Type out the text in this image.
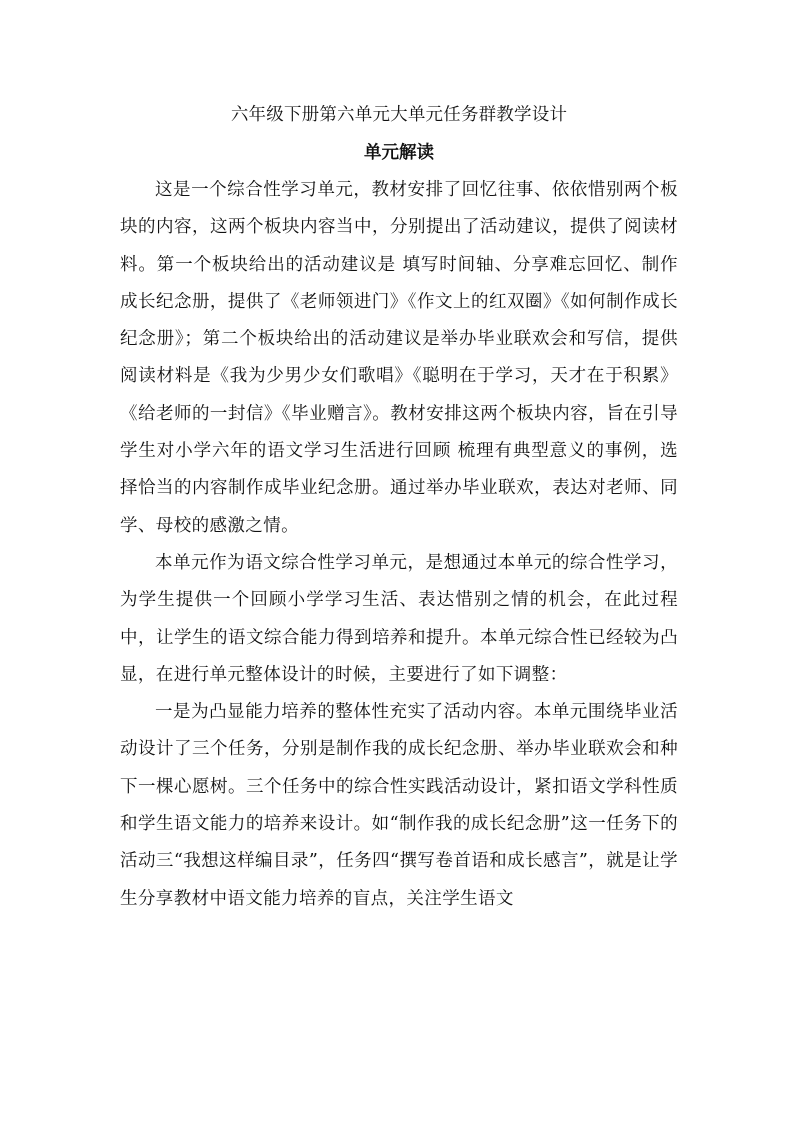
六年级下册第六单元大单元任务群教学设计
单元解读

这是一个综合性学习单元，教材安排了回忆往事、依依惜别两个板块的内容，这两个板块内容当中，分别提出了活动建议，提供了阅读材料。第一个板块给出的活动建议是 填写时间轴、分享难忘回忆、制作成长纪念册，提供了《老师领进门》《作文上的红双圈》《如何制作成长纪念册》；第二个板块给出的活动建议是举办毕业联欢会和写信，提供阅读材料是《我为少男少女们歌唱》《聪明在于学习，天才在于积累》《给老师的一封信》《毕业赠言》。教材安排这两个板块内容，旨在引导学生对小学六年的语文学习生活进行回顾 梳理有典型意义的事例，选择恰当的内容制作成毕业纪念册。通过举办毕业联欢，表达对老师、同学、母校的感激之情。

本单元作为语文综合性学习单元，是想通过本单元的综合性学习，为学生提供一个回顾小学学习生活、表达惜别之情的机会，在此过程中，让学生的语文综合能力得到培养和提升。本单元综合性已经较为凸显，在进行单元整体设计的时候，主要进行了如下调整：

一是为凸显能力培养的整体性充实了活动内容。本单元围绕毕业活动设计了三个任务，分别是制作我的成长纪念册、举办毕业联欢会和种下一棵心愿树。三个任务中的综合性实践活动设计，紧扣语文学科性质和学生语文能力的培养来设计。如“制作我的成长纪念册”这一任务下的活动三“我想这样编目录”，任务四“撰写卷首语和成长感言”，就是让学生分享教材中语文能力培养的盲点，关注学生语文
